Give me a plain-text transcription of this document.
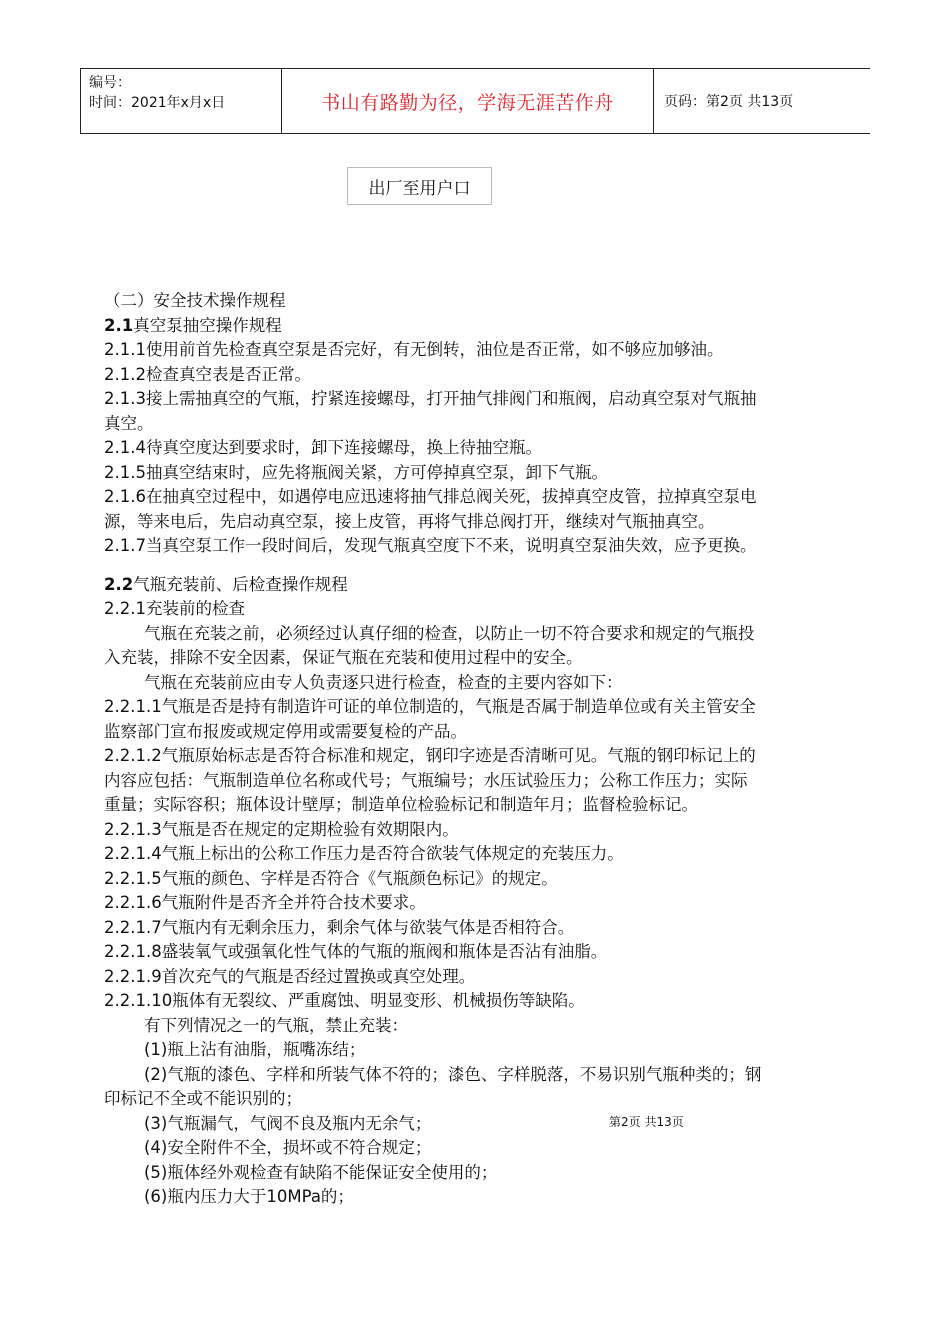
编号：
时间：2021年x月x日	书山有路勤为径，学海无涯苦作舟	页码：第2页 共13页
出厂至用户口
（二）安全技术操作规程
2.1真空泵抽空操作规程
2.1.1使用前首先检查真空泵是否完好，有无倒转，油位是否正常，如不够应加够油。
2.1.2检查真空表是否正常。
2.1.3接上需抽真空的气瓶，拧紧连接螺母，打开抽气排阀门和瓶阀，启动真空泵对气瓶抽
真空。
2.1.4待真空度达到要求时，卸下连接螺母，换上待抽空瓶。
2.1.5抽真空结束时，应先将瓶阀关紧，方可停掉真空泵，卸下气瓶。
2.1.6在抽真空过程中，如遇停电应迅速将抽气排总阀关死，拔掉真空皮管，拉掉真空泵电
源，等来电后，先启动真空泵，接上皮管，再将气排总阀打开，继续对气瓶抽真空。
2.1.7当真空泵工作一段时间后，发现气瓶真空度下不来，说明真空泵油失效，应予更换。
2.2气瓶充装前、后检查操作规程
2.2.1充装前的检查
气瓶在充装之前，必须经过认真仔细的检查，以防止一切不符合要求和规定的气瓶投
入充装，排除不安全因素，保证气瓶在充装和使用过程中的安全。
气瓶在充装前应由专人负责逐只进行检查，检查的主要内容如下：
2.2.1.1气瓶是否是持有制造许可证的单位制造的，气瓶是否属于制造单位或有关主管安全
监察部门宣布报废或规定停用或需要复检的产品。
2.2.1.2气瓶原始标志是否符合标准和规定，钢印字迹是否清晰可见。气瓶的钢印标记上的
内容应包括：气瓶制造单位名称或代号；气瓶编号；水压试验压力；公称工作压力；实际
重量；实际容积；瓶体设计壁厚；制造单位检验标记和制造年月；监督检验标记。
2.2.1.3气瓶是否在规定的定期检验有效期限内。
2.2.1.4气瓶上标出的公称工作压力是否符合欲装气体规定的充装压力。
2.2.1.5气瓶的颜色、字样是否符合《气瓶颜色标记》的规定。
2.2.1.6气瓶附件是否齐全并符合技术要求。
2.2.1.7气瓶内有无剩余压力，剩余气体与欲装气体是否相符合。
2.2.1.8盛装氧气或强氧化性气体的气瓶的瓶阀和瓶体是否沾有油脂。
2.2.1.9首次充气的气瓶是否经过置换或真空处理。
2.2.1.10瓶体有无裂纹、严重腐蚀、明显变形、机械损伤等缺陷。
有下列情况之一的气瓶，禁止充装：
(1)瓶上沾有油脂，瓶嘴冻结；
(2)气瓶的漆色、字样和所装气体不符的；漆色、字样脱落，不易识别气瓶种类的；钢
印标记不全或不能识别的；
(3)气瓶漏气，气阀不良及瓶内无余气；
(4)安全附件不全，损坏或不符合规定；
(5)瓶体经外观检查有缺陷不能保证安全使用的；
(6)瓶内压力大于10MPa的；
第2页 共13页
